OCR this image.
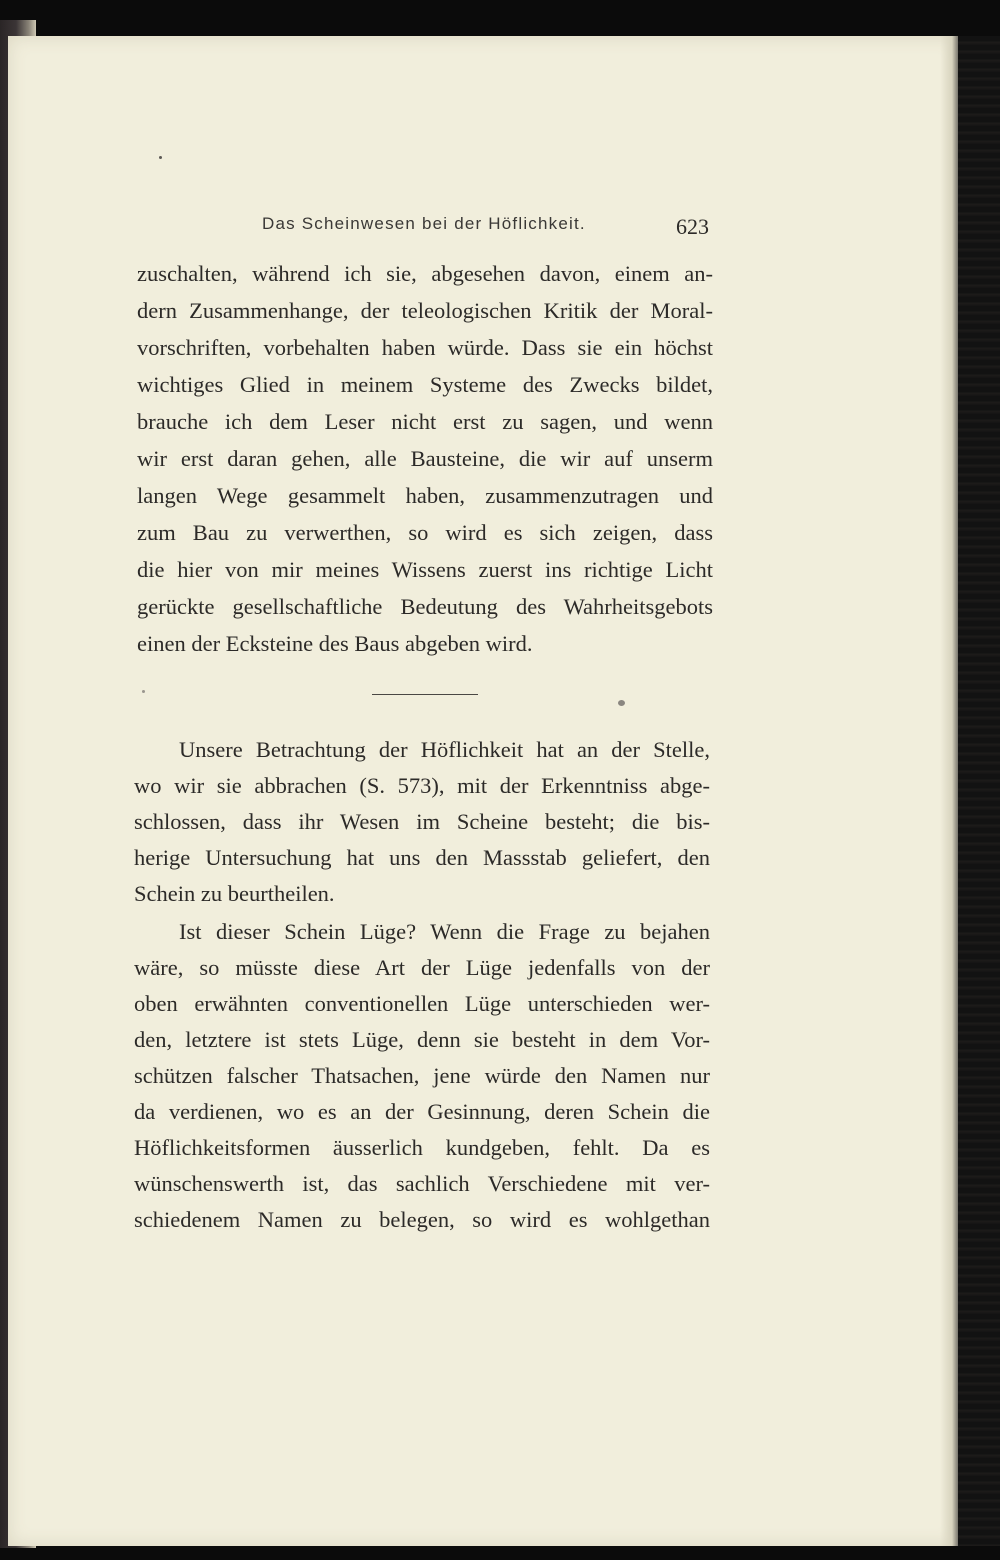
Das Scheinwesen bei der Höflichkeit.	623
zuschalten, während ich sie, abgesehen davon, einem an-
dern Zusammenhange, der teleologischen Kritik der Moral-
vorschriften, vorbehalten haben würde. Dass sie ein höchst
wichtiges Glied in meinem Systeme des Zwecks bildet,
brauche ich dem Leser nicht erst zu sagen, und wenn
wir erst daran gehen, alle Bausteine, die wir auf unserm
langen Wege gesammelt haben, zusammenzutragen und
zum Bau zu verwerthen, so wird es sich zeigen, dass
die hier von mir meines Wissens zuerst ins richtige Licht
gerückte gesellschaftliche Bedeutung des Wahrheitsgebots
einen der Ecksteine des Baus abgeben wird.
Unsere Betrachtung der Höflichkeit hat an der Stelle,
wo wir sie abbrachen (S. 573), mit der Erkenntniss abge-
schlossen, dass ihr Wesen im Scheine besteht; die bis-
herige Untersuchung hat uns den Massstab geliefert, den
Schein zu beurtheilen.
Ist dieser Schein Lüge? Wenn die Frage zu bejahen
wäre, so müsste diese Art der Lüge jedenfalls von der
oben erwähnten conventionellen Lüge unterschieden wer-
den, letztere ist stets Lüge, denn sie besteht in dem Vor-
schützen falscher Thatsachen, jene würde den Namen nur
da verdienen, wo es an der Gesinnung, deren Schein die
Höflichkeitsformen äusserlich kundgeben, fehlt. Da es
wünschenswerth ist, das sachlich Verschiedene mit ver-
schiedenem Namen zu belegen, so wird es wohlgethan
